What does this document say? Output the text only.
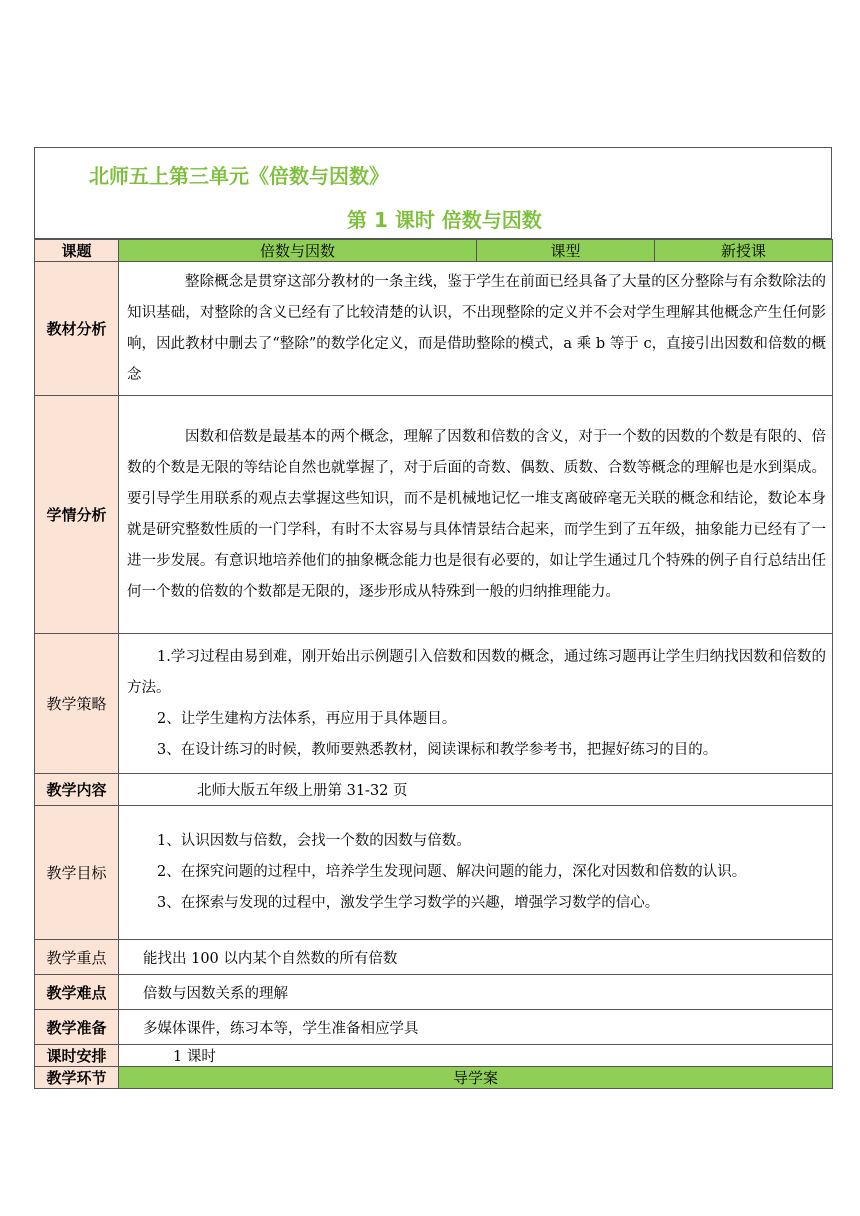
北师五上第三单元《倍数与因数》
第 1 课时 倍数与因数
课题	倍数与因数	课型	新授课
教材分析	整除概念是贯穿这部分教材的一条主线，鉴于学生在前面已经具备了大量的区分整除与有余数除法的知识基础，对整除的含义已经有了比较清楚的认识，不出现整除的定义并不会对学生理解其他概念产生任何影响，因此教材中删去了“整除”的数学化定义，而是借助整除的模式，a 乘 b 等于 c，直接引出因数和倍数的概念		

学情分析	因数和倍数是最基本的两个概念，理解了因数和倍数的含义，对于一个数的因数的个数是有限的、倍数的个数是无限的等结论自然也就掌握了，对于后面的奇数、偶数、质数、合数等概念的理解也是水到渠成。要引导学生用联系的观点去掌握这些知识，而不是机械地记忆一堆支离破碎毫无关联的概念和结论，数论本身就是研究整数性质的一门学科，有时不太容易与具体情景结合起来，而学生到了五年级，抽象能力已经有了一进一步发展。有意识地培养他们的抽象概念能力也是很有必要的，如让学生通过几个特殊的例子自行总结出任何一个数的倍数的个数都是无限的，逐步形成从特殊到一般的归纳推理能力。		

教学策略	1.学习过程由易到难，刚开始出示例题引入倍数和因数的概念，通过练习题再让学生归纳找因数和倍数的方法。

2、让学生建构方法体系，再应用于具体题目。

3、在设计练习的时候，教师要熟悉教材，阅读课标和教学参考书，把握好练习的目的。		

教学内容	北师大版五年级上册第 31-32 页		
教学目标	1、认识因数与倍数，会找一个数的因数与倍数。

2、在探究问题的过程中，培养学生发现问题、解决问题的能力，深化对因数和倍数的认识。

3、在探索与发现的过程中，激发学生学习数学的兴趣，增强学习数学的信心。		

教学重点	能找出 100 以内某个自然数的所有倍数		
教学难点	倍数与因数关系的理解		
教学准备	多媒体课件，练习本等，学生准备相应学具		
课时安排	1 课时		
教学环节	导学案		
